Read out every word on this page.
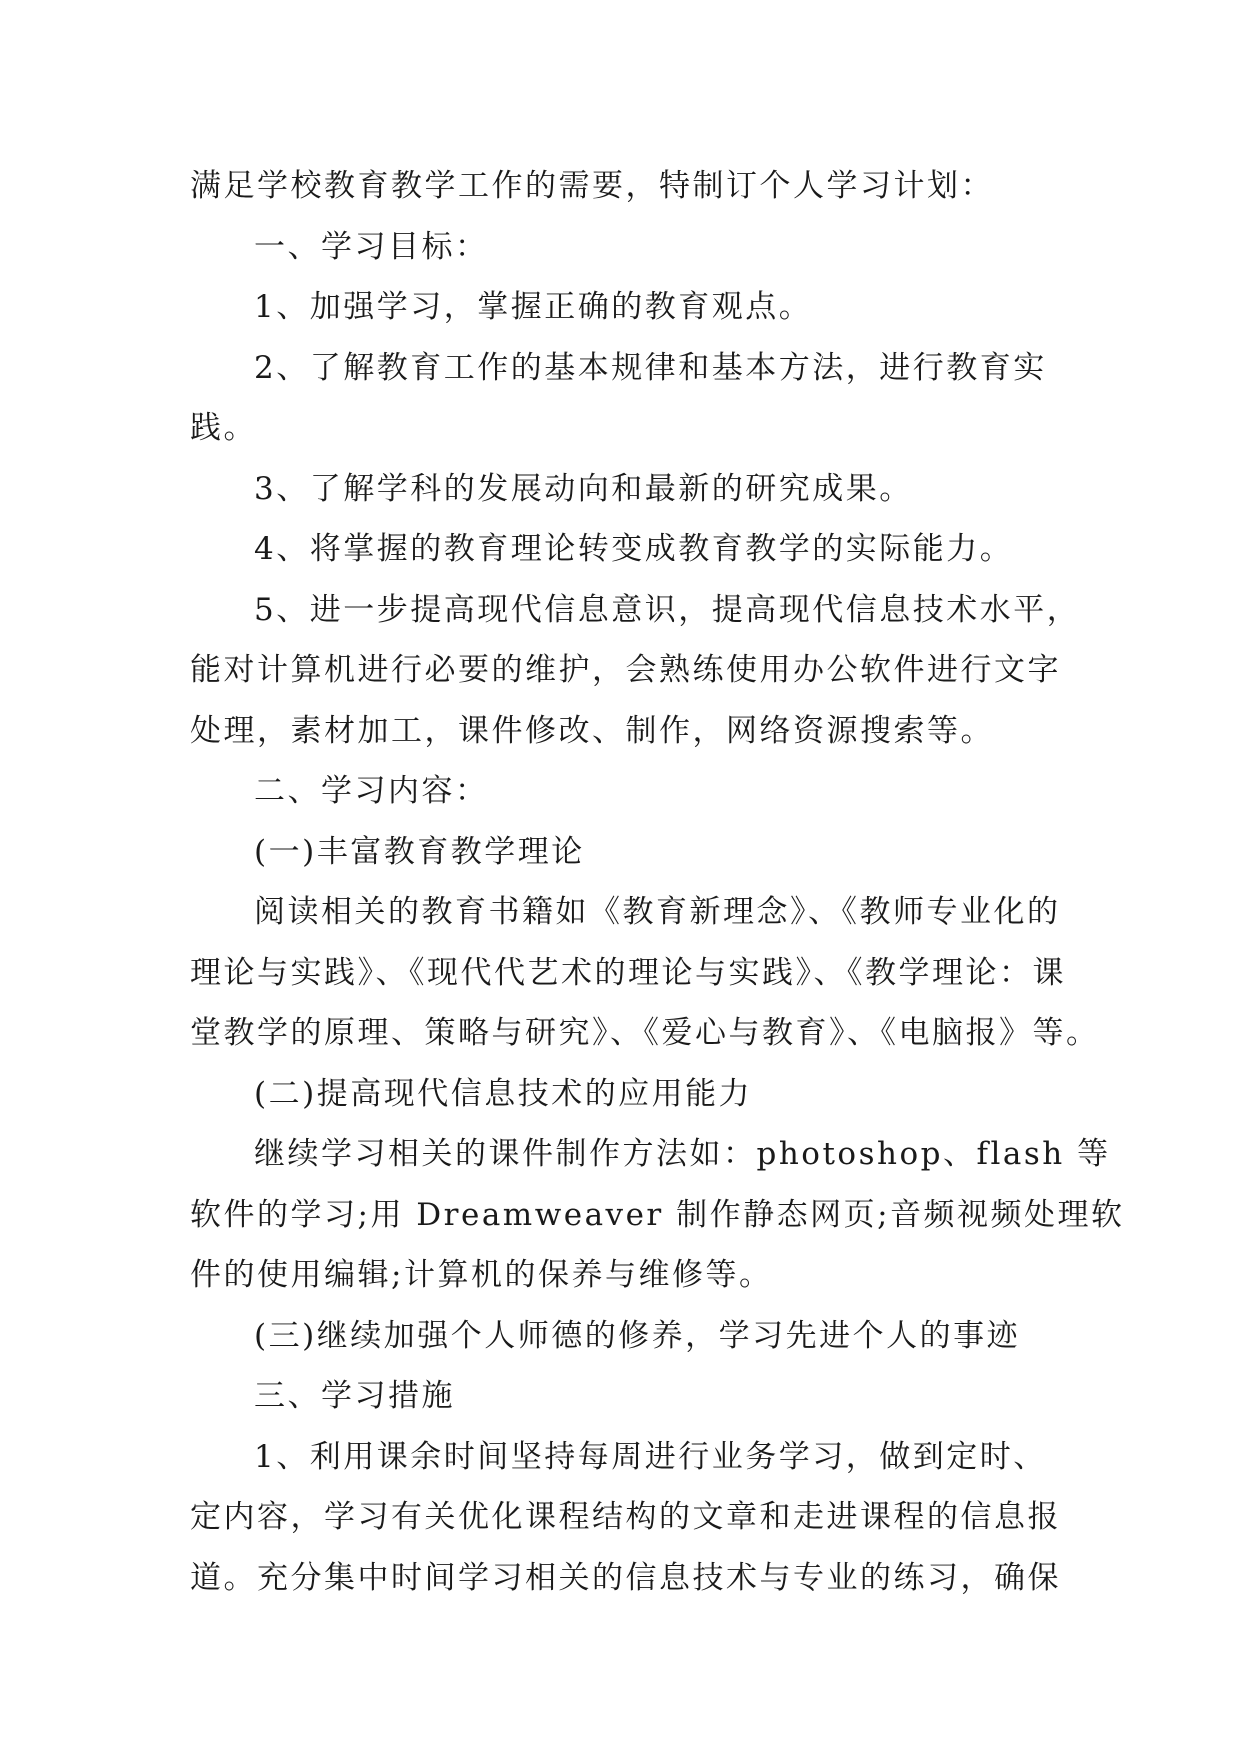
满足学校教育教学工作的需要，特制订个人学习计划：
一、学习目标：
1、加强学习，掌握正确的教育观点。
2、了解教育工作的基本规律和基本方法，进行教育实
践。
3、了解学科的发展动向和最新的研究成果。
4、将掌握的教育理论转变成教育教学的实际能力。
5、进一步提高现代信息意识，提高现代信息技术水平，
能对计算机进行必要的维护，会熟练使用办公软件进行文字
处理，素材加工，课件修改、制作，网络资源搜索等。
二、学习内容：
(一)丰富教育教学理论
阅读相关的教育书籍如《教育新理念》、《教师专业化的
理论与实践》、《现代代艺术的理论与实践》、《教学理论：课
堂教学的原理、策略与研究》、《爱心与教育》、《电脑报》等。
(二)提高现代信息技术的应用能力
继续学习相关的课件制作方法如：photoshop、flash 等
软件的学习;用 Dreamweaver 制作静态网页;音频视频处理软
件的使用编辑;计算机的保养与维修等。
(三)继续加强个人师德的修养，学习先进个人的事迹
三、学习措施
1、利用课余时间坚持每周进行业务学习，做到定时、
定内容，学习有关优化课程结构的文章和走进课程的信息报
道。充分集中时间学习相关的信息技术与专业的练习，确保
